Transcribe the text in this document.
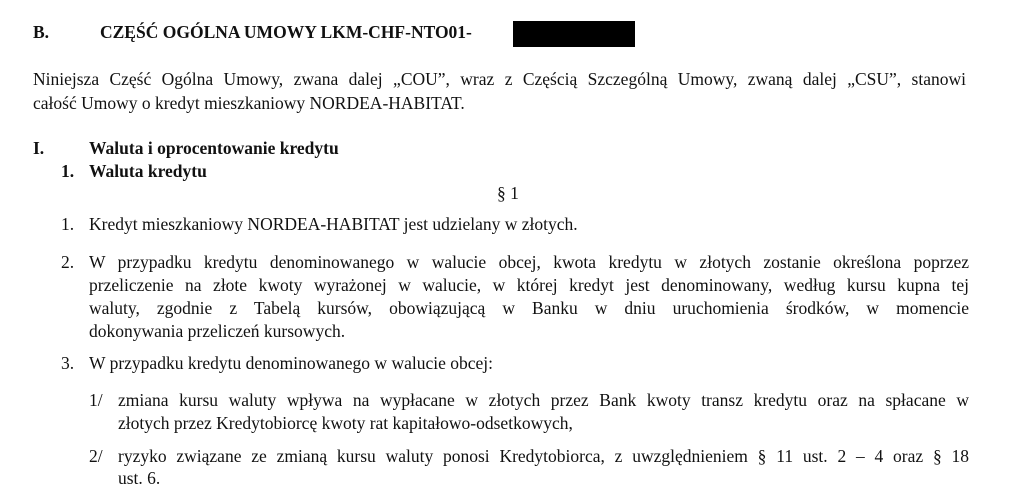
B.	CZĘŚĆ OGÓLNA UMOWY LKM-CHF-NTO01-
Niniejsza Część Ogólna Umowy, zwana dalej „COU”, wraz z Częścią Szczególną Umowy, zwaną dalej „CSU”, stanowi
całość Umowy o kredyt mieszkaniowy NORDEA-HABITAT.
I.	Waluta i oprocentowanie kredytu
1. Waluta kredytu
§ 1
1. Kredyt mieszkaniowy NORDEA-HABITAT jest udzielany w złotych.
2. W przypadku kredytu denominowanego w walucie obcej, kwota kredytu w złotych zostanie określona poprzez
przeliczenie na złote kwoty wyrażonej w walucie, w której kredyt jest denominowany, według kursu kupna tej
waluty, zgodnie z Tabelą kursów, obowiązującą w Banku w dniu uruchomienia środków, w momencie
dokonywania przeliczeń kursowych.
3. W przypadku kredytu denominowanego w walucie obcej:
1/ zmiana kursu waluty wpływa na wypłacane w złotych przez Bank kwoty transz kredytu oraz na spłacane w
złotych przez Kredytobiorcę kwoty rat kapitałowo-odsetkowych,
2/ ryzyko związane ze zmianą kursu waluty ponosi Kredytobiorca, z uwzględnieniem § 11 ust. 2 – 4 oraz § 18
ust. 6.
